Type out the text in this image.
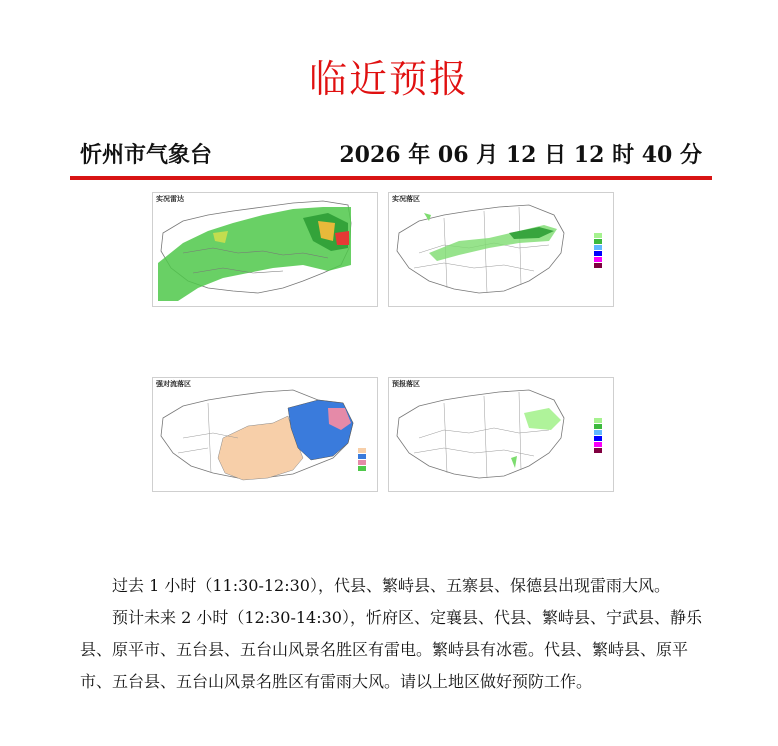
临近预报
忻州市气象台	2026 年 06 月 12 日 12 时 40 分
实况雷达	实况落区
强对流落区	预报落区
过去 1 小时（11:30-12:30），代县、繁峙县、五寨县、保德县出现雷雨大风。
预计未来 2 小时（12:30-14:30），忻府区、定襄县、代县、繁峙县、宁武县、静乐县、原平市、五台县、五台山风景名胜区有雷电。繁峙县有冰雹。代县、繁峙县、原平市、五台县、五台山风景名胜区有雷雨大风。请以上地区做好预防工作。
